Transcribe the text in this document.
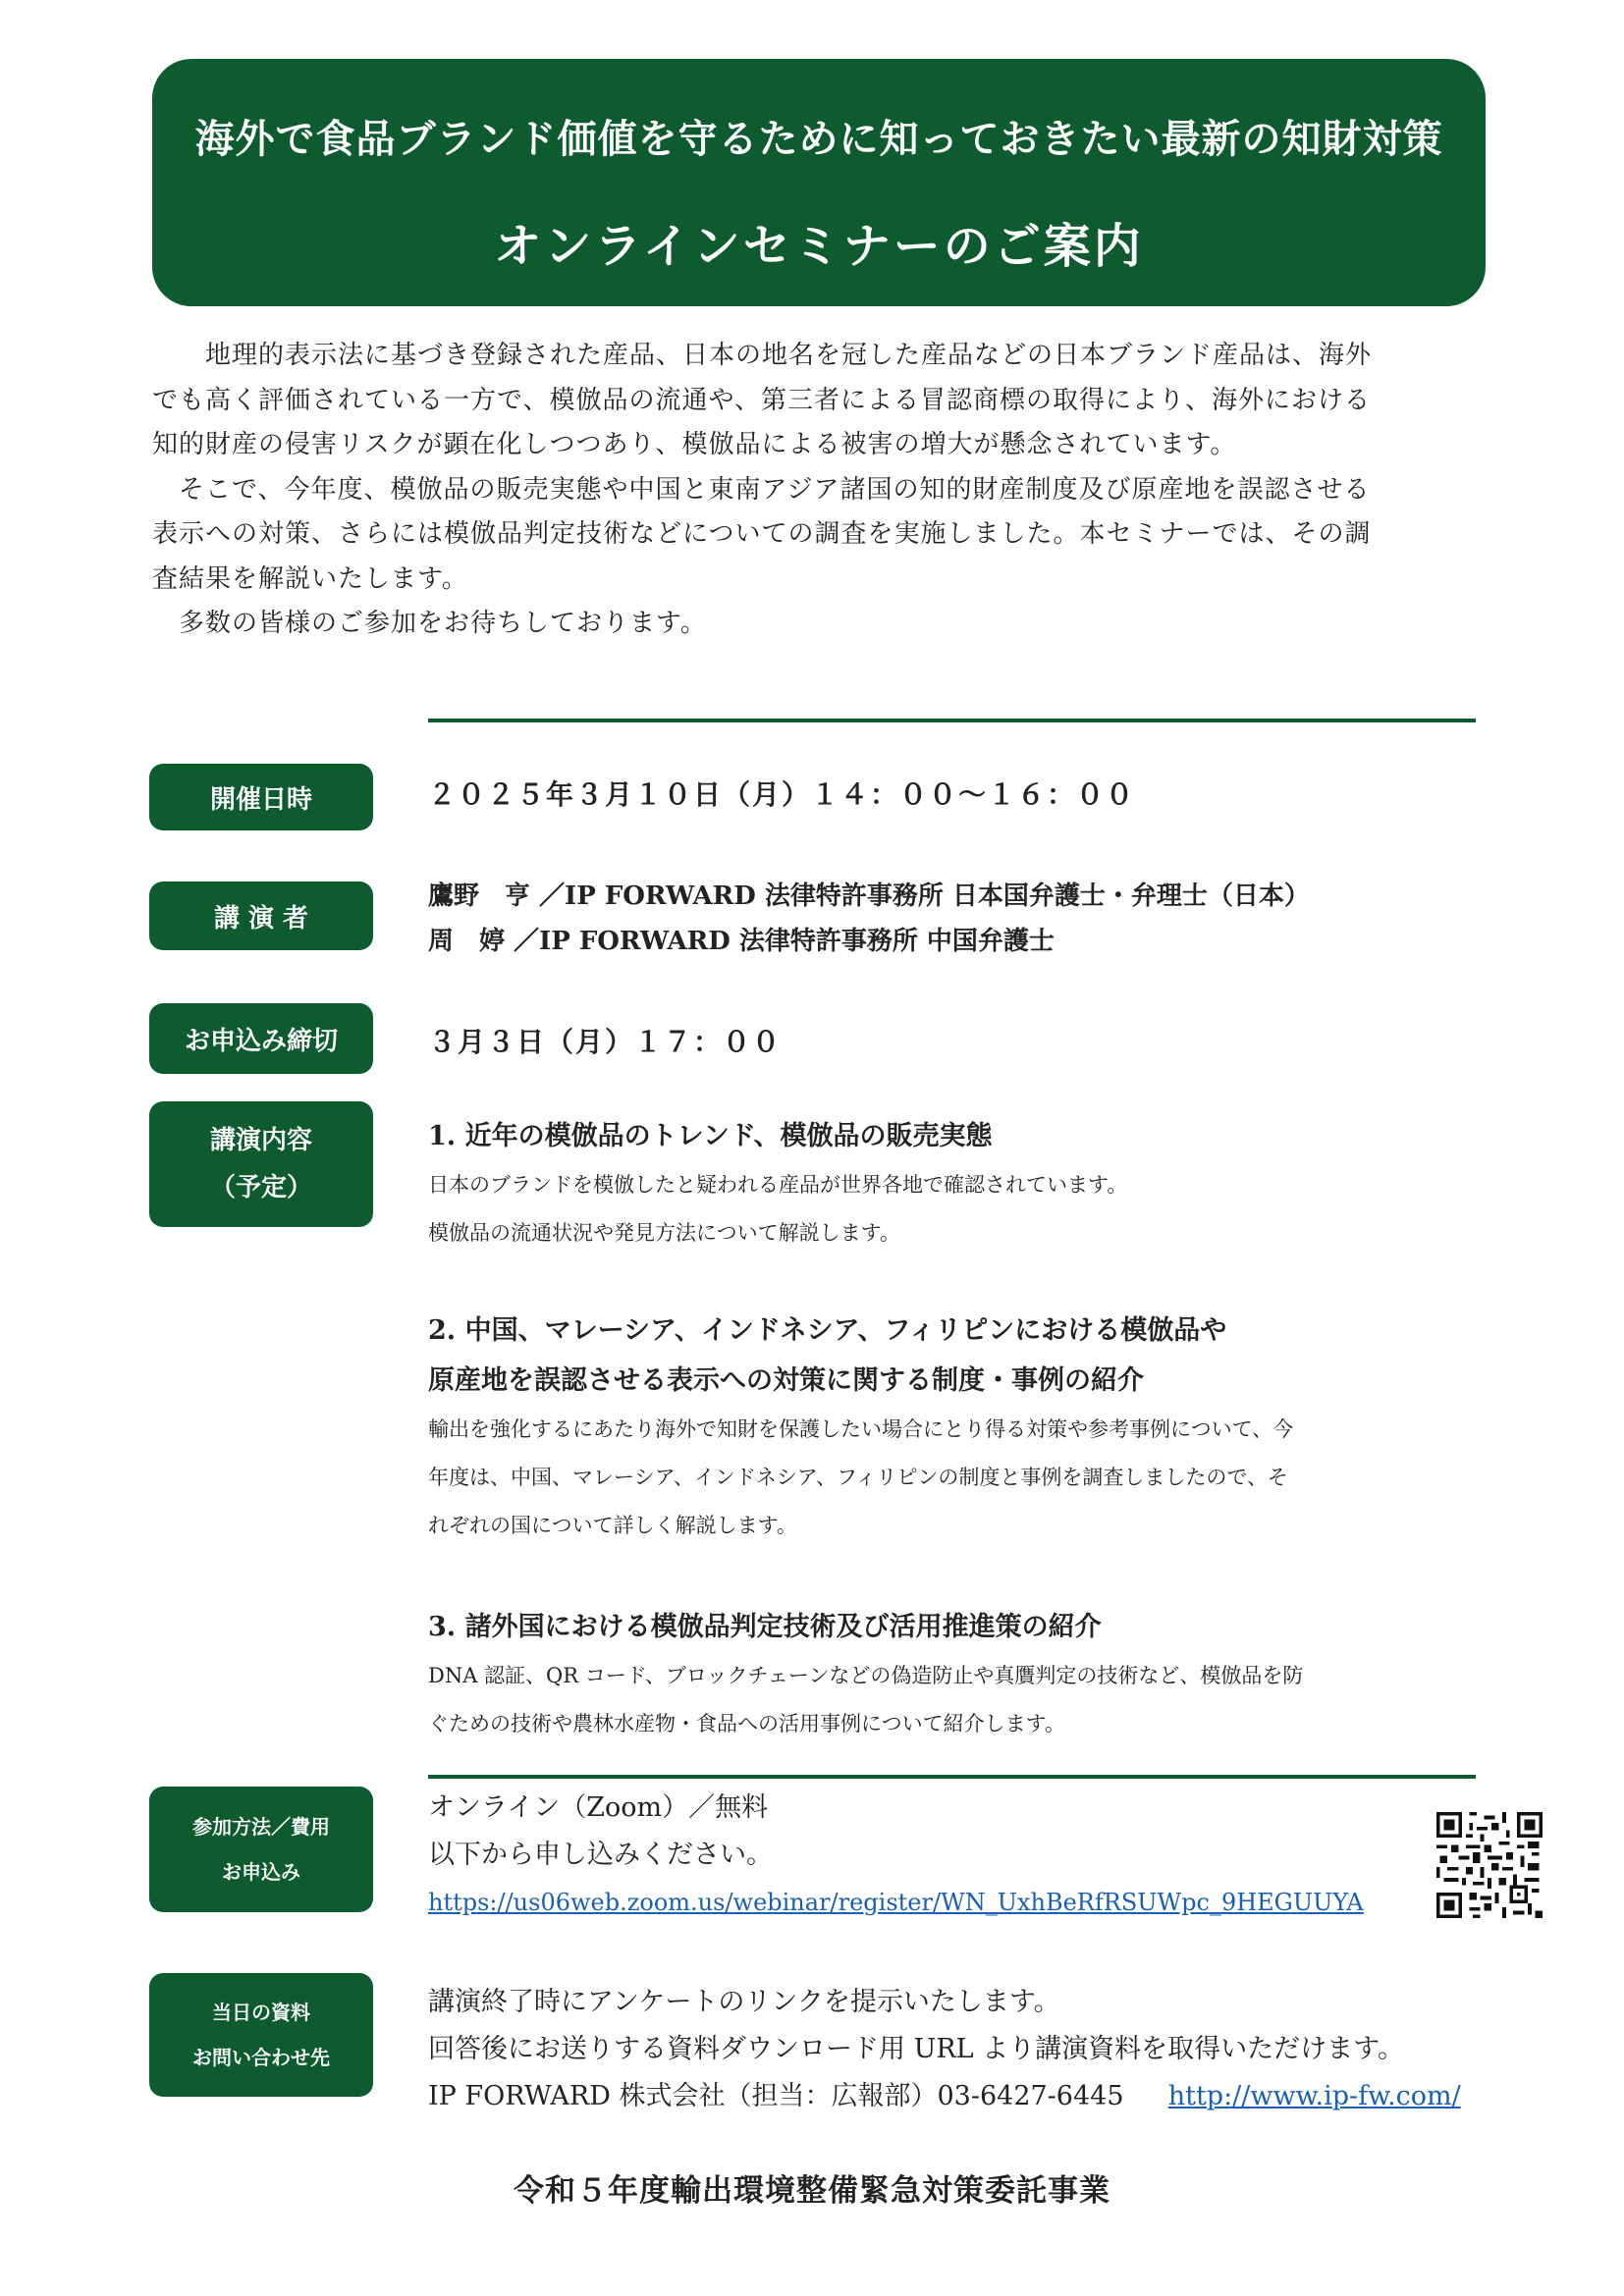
海外で食品ブランド価値を守るために知っておきたい最新の知財対策
オンラインセミナーのご案内

　　地理的表示法に基づき登録された産品、日本の地名を冠した産品などの日本ブランド産品は、海外

でも高く評価されている一方で、模倣品の流通や、第三者による冒認商標の取得により、海外における

知的財産の侵害リスクが顕在化しつつあり、模倣品による被害の増大が懸念されています。

　そこで、今年度、模倣品の販売実態や中国と東南アジア諸国の知的財産制度及び原産地を誤認させる

表示への対策、さらには模倣品判定技術などについての調査を実施しました。本セミナーでは、その調

査結果を解説いたします。

　多数の皆様のご参加をお待ちしております。

開催日時	２０２５年３月１０日（月）１４：００～１６：００
講 演 者
鷹野　亨 ／IP FORWARD 法律特許事務所 日本国弁護士・弁理士（日本）
周　婷 ／IP FORWARD 法律特許事務所 中国弁護士
お申込み締切	３月３日（月）１７：００
講演内容
（予定）

1. 近年の模倣品のトレンド、模倣品の販売実態

日本のブランドを模倣したと疑われる産品が世界各地で確認されています。

模倣品の流通状況や発見方法について解説します。

2. 中国、マレーシア、インドネシア、フィリピンにおける模倣品や

原産地を誤認させる表示への対策に関する制度・事例の紹介

輸出を強化するにあたり海外で知財を保護したい場合にとり得る対策や参考事例について、今

年度は、中国、マレーシア、インドネシア、フィリピンの制度と事例を調査しましたので、そ

れぞれの国について詳しく解説します。

3. 諸外国における模倣品判定技術及び活用推進策の紹介

DNA 認証、QR コード、ブロックチェーンなどの偽造防止や真贋判定の技術など、模倣品を防

ぐための技術や農林水産物・食品への活用事例について紹介します。

参加方法／費用
お申込み
オンライン（Zoom）／無料
以下から申し込みください。
https://us06web.zoom.us/webinar/register/WN_UxhBeRfRSUWpc_9HEGUUYA
当日の資料
お問い合わせ先
講演終了時にアンケートのリンクを提示いたします。
回答後にお送りする資料ダウンロード用 URL より講演資料を取得いただけます。
IP FORWARD 株式会社（担当：広報部）03-6427-6445 http://www.ip-fw.com/
令和５年度輸出環境整備緊急対策委託事業
